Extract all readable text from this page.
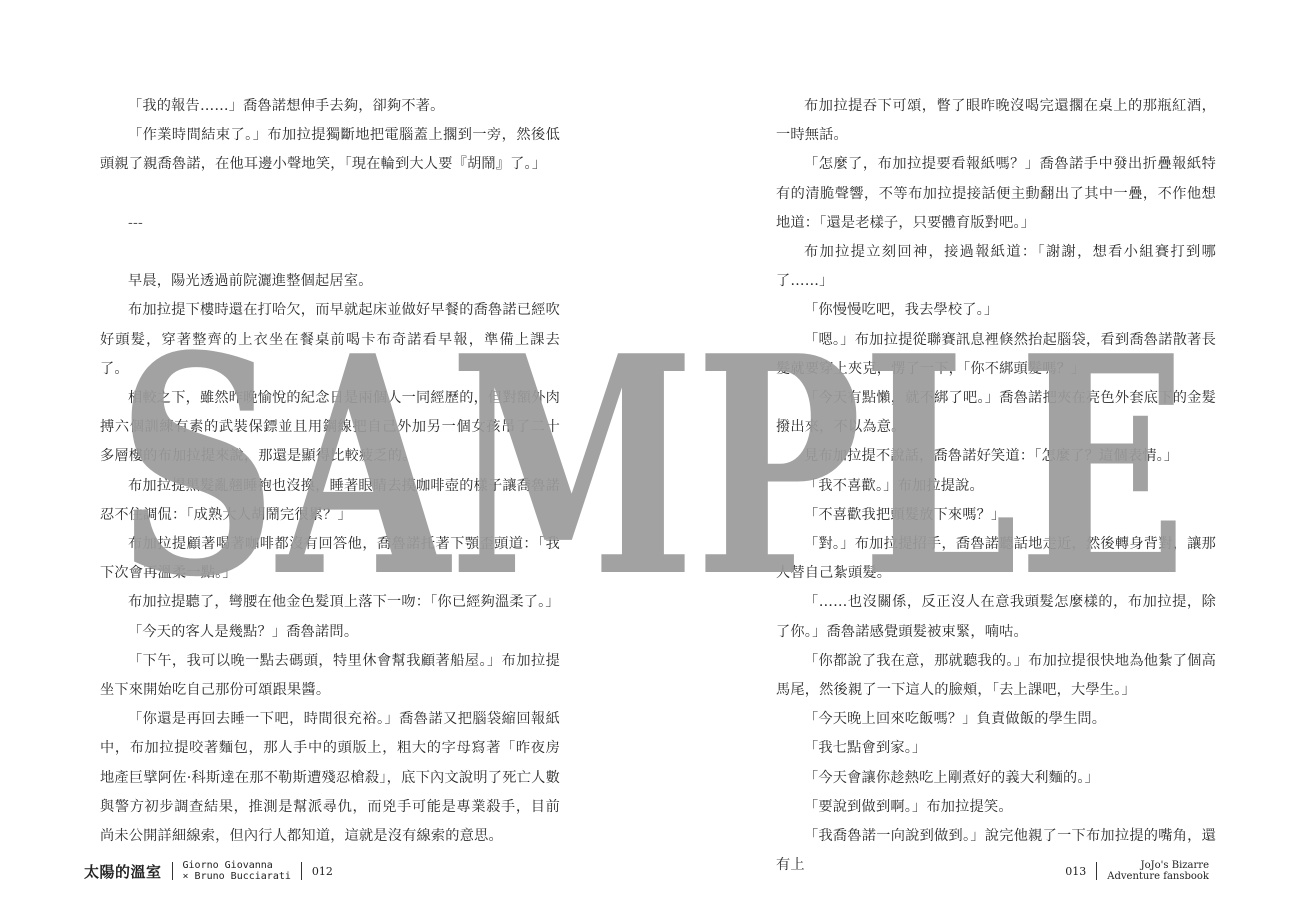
「我的報告……」喬魯諾想伸手去夠，卻夠不著。

「作業時間結束了。」布加拉提獨斷地把電腦蓋上擱到一旁，然後低頭親了親喬魯諾，在他耳邊小聲地笑，「現在輪到大人要『胡鬧』了。」

---

早晨，陽光透過前院灑進整個起居室。

布加拉提下樓時還在打哈欠，而早就起床並做好早餐的喬魯諾已經吹好頭髮，穿著整齊的上衣坐在餐桌前喝卡布奇諾看早報，準備上課去了。

相較之下，雖然昨晚愉悅的紀念日是兩個人一同經歷的，但對額外肉搏六個訓練有素的武裝保鏢並且用鋼線把自己外加另一個女孩吊了二十多層樓的布加拉提來說，那還是顯得比較疲乏的。

布加拉提黑髮亂翹睡袍也沒換，睡著眼睛去摸咖啡壺的樣子讓喬魯諾忍不住調侃：「成熟大人胡鬧完很累？」

布加拉提顧著喝著咖啡都沒有回答他，喬魯諾托著下顎歪頭道：「我下次會再溫柔一點。」

布加拉提聽了，彎腰在他金色髮頂上落下一吻：「你已經夠溫柔了。」

「今天的客人是幾點？」喬魯諾問。

「下午，我可以晚一點去碼頭，特里休會幫我顧著船屋。」布加拉提坐下來開始吃自己那份可頌跟果醬。

「你還是再回去睡一下吧，時間很充裕。」喬魯諾又把腦袋縮回報紙中，布加拉提咬著麵包，那人手中的頭版上，粗大的字母寫著「昨夜房地產巨擘阿佐·科斯達在那不勒斯遭殘忍槍殺」，底下內文說明了死亡人數與警方初步調查結果，推測是幫派尋仇，而兇手可能是專業殺手，目前尚未公開詳細線索，但內行人都知道，這就是沒有線索的意思。

太陽的溫室 Giorno Giovanna
× Bruno Bucciarati 012

布加拉提吞下可頌，瞥了眼昨晚沒喝完還擱在桌上的那瓶紅酒，一時無話。

「怎麼了，布加拉提要看報紙嗎？」喬魯諾手中發出折疊報紙特有的清脆聲響，不等布加拉提接話便主動翻出了其中一疊，不作他想地道：「還是老樣子，只要體育版對吧。」

布加拉提立刻回神，接過報紙道：「謝謝，想看小組賽打到哪了……」

「你慢慢吃吧，我去學校了。」

「嗯。」布加拉提從聯賽訊息裡倏然抬起腦袋，看到喬魯諾散著長髮就要穿上夾克，愣了一下，「你不綁頭髮嗎？」

「今天有點懶，就不綁了吧。」喬魯諾把夾在亮色外套底下的金髮撥出來，不以為意。

見布加拉提不說話，喬魯諾好笑道：「怎麼了？這個表情。」

「我不喜歡。」布加拉提說。

「不喜歡我把頭髮放下來嗎？」

「對。」布加拉提招手，喬魯諾聽話地走近，然後轉身背對，讓那人替自己紮頭髮。

「……也沒關係，反正沒人在意我頭髮怎麼樣的，布加拉提，除了你。」喬魯諾感覺頭髮被束緊，喃咕。

「你都說了我在意，那就聽我的。」布加拉提很快地為他紮了個高馬尾，然後親了一下這人的臉頰，「去上課吧，大學生。」

「今天晚上回來吃飯嗎？」負責做飯的學生問。

「我七點會到家。」

「今天會讓你趁熱吃上剛煮好的義大利麵的。」

「要說到做到啊。」布加拉提笑。

「我喬魯諾一向說到做到。」說完他親了一下布加拉提的嘴角，還有上	013	JoJo's Bizarre
Adventure fansbook
SAMPLE
